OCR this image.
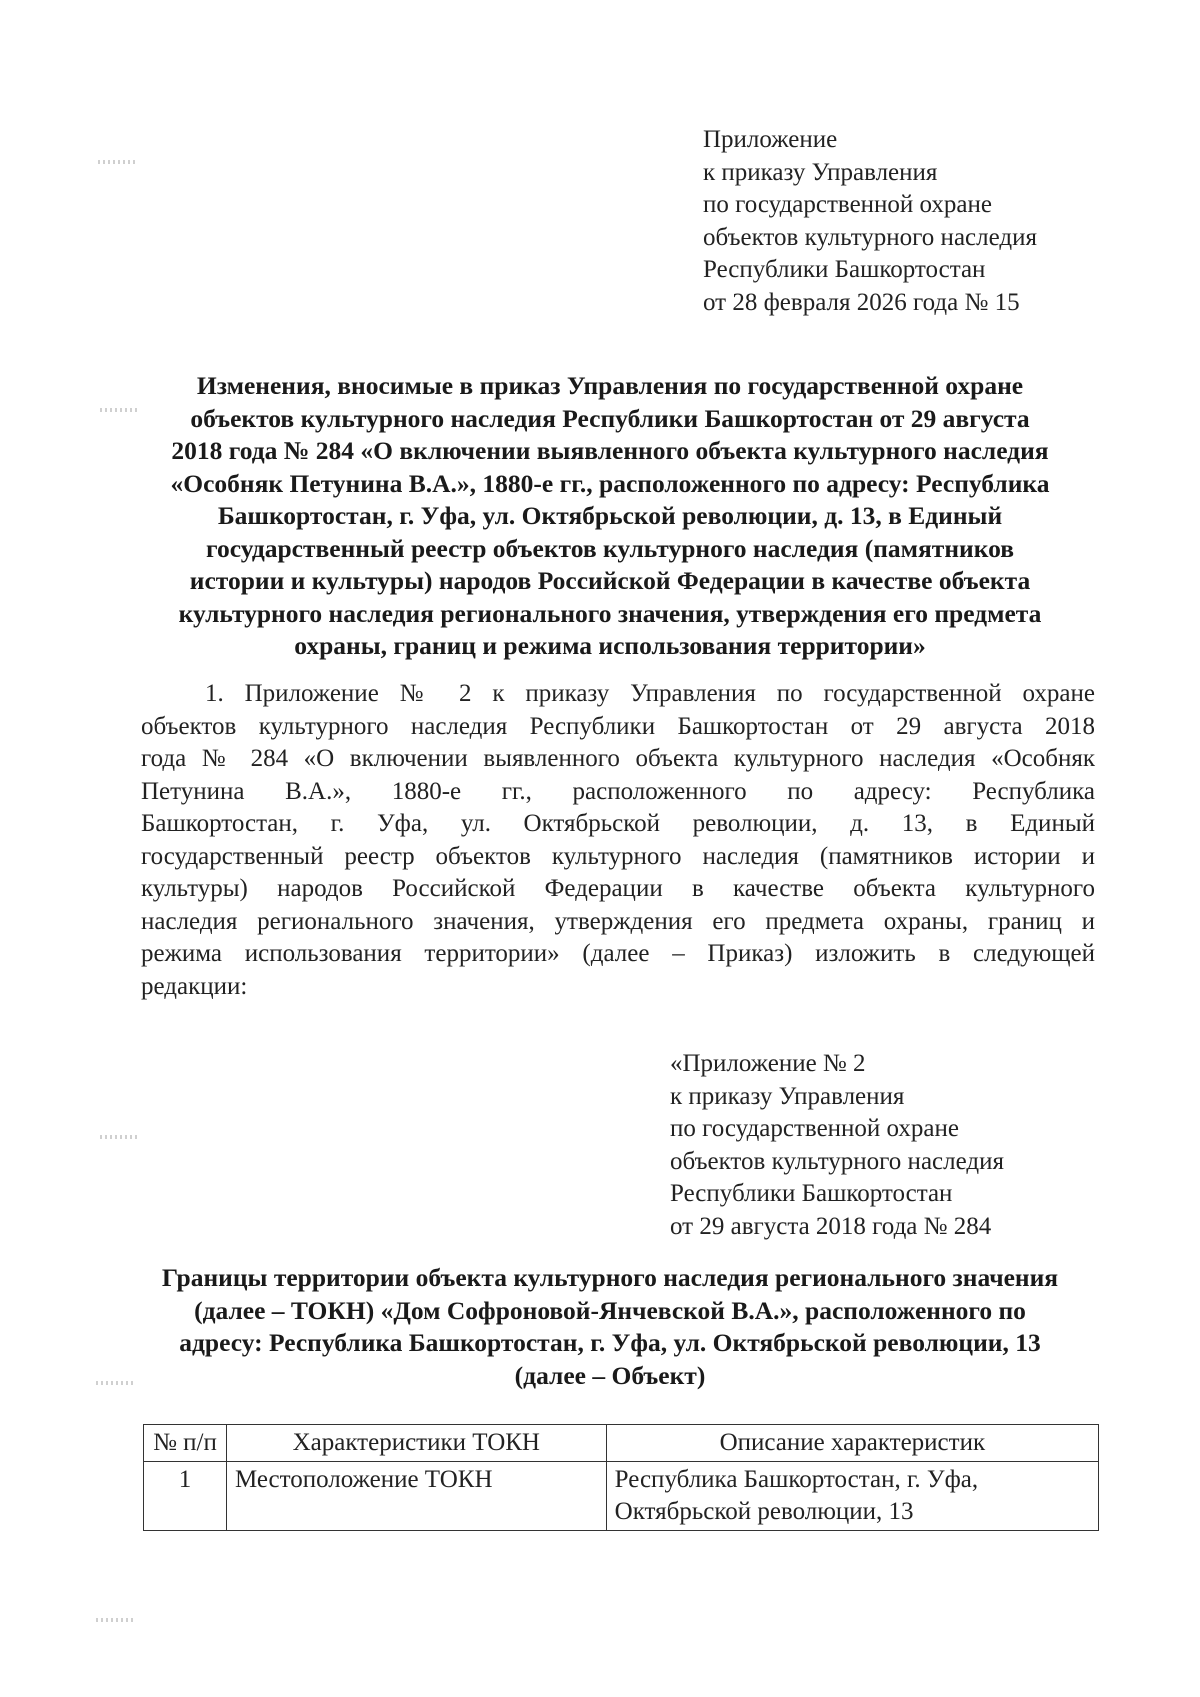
Приложение
к приказу Управления
по государственной охране
объектов культурного наследия
Республики Башкортостан
от 28 февраля 2026 года № 15
Изменения, вносимые в приказ Управления по государственной охране
объектов культурного наследия Республики Башкортостан от 29 августа
2018 года № 284 «О включении выявленного объекта культурного наследия
«Особняк Петунина В.А.», 1880-е гг., расположенного по адресу: Республика
Башкортостан, г. Уфа, ул. Октябрьской революции, д. 13, в Единый
государственный реестр объектов культурного наследия (памятников
истории и культуры) народов Российской Федерации в качестве объекта
культурного наследия регионального значения, утверждения его предмета
охраны, границ и режима использования территории»
1. Приложение № 2 к приказу Управления по государственной охране
объектов культурного наследия Республики Башкортостан от 29 августа 2018
года № 284 «О включении выявленного объекта культурного наследия «Особняк
Петунина В.А.», 1880-е гг., расположенного по адресу: Республика
Башкортостан, г. Уфа, ул. Октябрьской революции, д. 13, в Единый
государственный реестр объектов культурного наследия (памятников истории и
культуры) народов Российской Федерации в качестве объекта культурного
наследия регионального значения, утверждения его предмета охраны, границ и
режима использования территории» (далее – Приказ) изложить в следующей
редакции:
«Приложение № 2
к приказу Управления
по государственной охране
объектов культурного наследия
Республики Башкортостан
от 29 августа 2018 года № 284
Границы территории объекта культурного наследия регионального значения
(далее – ТОКН) «Дом Софроновой-Янчевской В.А.», расположенного по
адресу: Республика Башкортостан, г. Уфа, ул. Октябрьской революции, 13
(далее – Объект)
№ п/п	Характеристики ТОКН	Описание характеристик
1	Местоположение ТОКН	Республика Башкортостан, г. Уфа,
Октябрьской революции, 13
